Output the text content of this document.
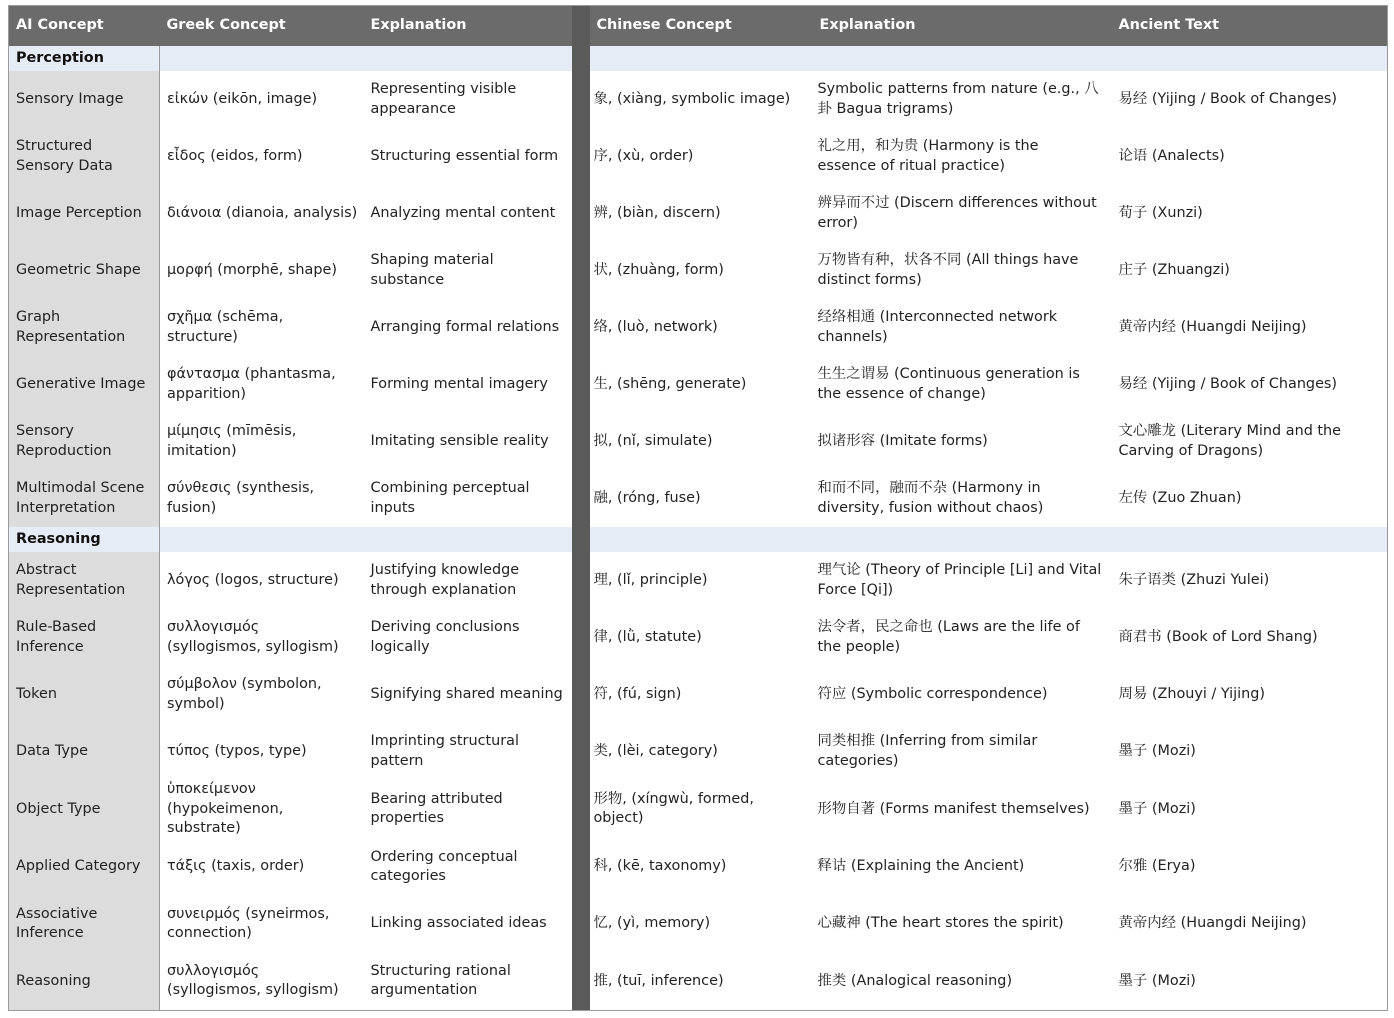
AI Concept	Greek Concept	Explanation		Chinese Concept	Explanation	Ancient Text
Perception						
Sensory Image	εἰκών (eikōn, image)	Representing visible appearance		象, (xiàng, symbolic image)	Symbolic patterns from nature (e.g., 八卦 Bagua trigrams)	易经 (Yijing / Book of Changes)
Structured Sensory Data	εἶδος (eidos, form)	Structuring essential form		序, (xù, order)	礼之用，和为贵 (Harmony is the essence of ritual practice)	论语 (Analects)
Image Perception	διάνοια (dianoia, analysis)	Analyzing mental content		辨, (biàn, discern)	辨异而不过 (Discern differences without error)	荀子 (Xunzi)
Geometric Shape	μορφή (morphē, shape)	Shaping material substance		状, (zhuàng, form)	万物皆有种，状各不同 (All things have distinct forms)	庄子 (Zhuangzi)
Graph Representation	σχῆμα (schēma, structure)	Arranging formal relations		络, (luò, network)	经络相通 (Interconnected network channels)	黄帝内经 (Huangdi Neijing)
Generative Image	φάντασμα (phantasma, apparition)	Forming mental imagery		生, (shēng, generate)	生生之谓易 (Continuous generation is the essence of change)	易经 (Yijing / Book of Changes)
Sensory Reproduction	μίμησις (mīmēsis, imitation)	Imitating sensible reality		拟, (nǐ, simulate)	拟诸形容 (Imitate forms)	文心雕龙 (Literary Mind and the Carving of Dragons)
Multimodal Scene Interpretation	σύνθεσις (synthesis, fusion)	Combining perceptual inputs		融, (róng, fuse)	和而不同，融而不杂 (Harmony in diversity, fusion without chaos)	左传 (Zuo Zhuan)
Reasoning						
Abstract Representation	λόγος (logos, structure)	Justifying knowledge through explanation		理, (lǐ, principle)	理气论 (Theory of Principle [Li] and Vital Force [Qi])	朱子语类 (Zhuzi Yulei)
Rule-Based Inference	συλλογισμός (syllogismos, syllogism)	Deriving conclusions logically		律, (lǜ, statute)	法令者，民之命也 (Laws are the life of the people)	商君书 (Book of Lord Shang)
Token	σύμβολον (symbolon, symbol)	Signifying shared meaning		符, (fú, sign)	符应 (Symbolic correspondence)	周易 (Zhouyi / Yijing)
Data Type	τύπος (typos, type)	Imprinting structural pattern		类, (lèi, category)	同类相推 (Inferring from similar categories)	墨子 (Mozi)
Object Type	ὑποκείμενον (hypokeimenon, substrate)	Bearing attributed properties		形物, (xíngwù, formed, object)	形物自著 (Forms manifest themselves)	墨子 (Mozi)
Applied Category	τάξις (taxis, order)	Ordering conceptual categories		科, (kē, taxonomy)	释诂 (Explaining the Ancient)	尔雅 (Erya)
Associative Inference	συνειρμός (syneirmos, connection)	Linking associated ideas		忆, (yì, memory)	心藏神 (The heart stores the spirit)	黄帝内经 (Huangdi Neijing)
Reasoning	συλλογισμός (syllogismos, syllogism)	Structuring rational argumentation		推, (tuī, inference)	推类 (Analogical reasoning)	墨子 (Mozi)
